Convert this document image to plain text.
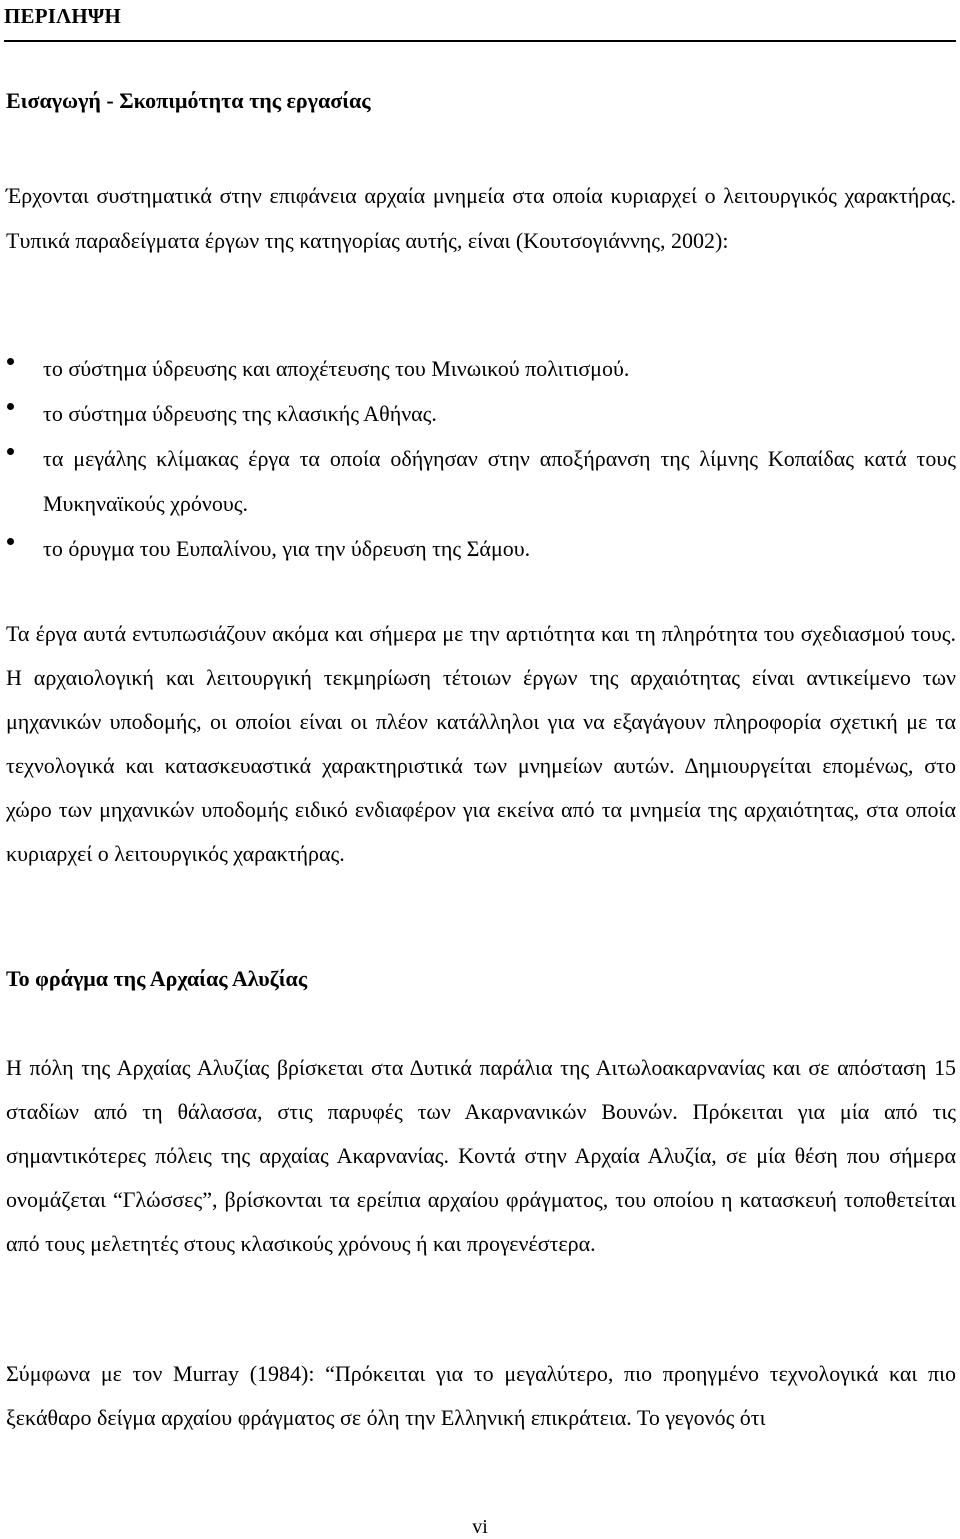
ΠΕΡΙΛΗΨΗ
Εισαγωγή - Σκοπιμότητα της εργασίας

Έρχονται συστηματικά στην επιφάνεια αρχαία μνημεία στα οποία κυριαρχεί ο λειτουργικός χαρακτήρας. Τυπικά παραδείγματα έργων της κατηγορίας αυτής, είναι (Κουτσογιάννης, 2002):

το σύστημα ύδρευσης και αποχέτευσης του Μινωικού πολιτισμού.
το σύστημα ύδρευσης της κλασικής Αθήνας.
τα μεγάλης κλίμακας έργα τα οποία οδήγησαν στην αποξήρανση της λίμνης Κοπαίδας κατά τους Μυκηναϊκούς χρόνους.
το όρυγμα του Ευπαλίνου, για την ύδρευση της Σάμου.

Τα έργα αυτά εντυπωσιάζουν ακόμα και σήμερα με την αρτιότητα και τη πληρότητα του σχεδιασμού τους. Η αρχαιολογική και λειτουργική τεκμηρίωση τέτοιων έργων της αρχαιότητας είναι αντικείμενο των μηχανικών υποδομής, οι οποίοι είναι οι πλέον κατάλληλοι για να εξαγάγουν πληροφορία σχετική με τα τεχνολογικά και κατασκευαστικά χαρακτηριστικά των μνημείων αυτών. Δημιουργείται επομένως, στο χώρο των μηχανικών υποδομής ειδικό ενδιαφέρον για εκείνα από τα μνημεία της αρχαιότητας, στα οποία κυριαρχεί ο λειτουργικός χαρακτήρας.

Το φράγμα της Αρχαίας Αλυζίας

Η πόλη της Αρχαίας Αλυζίας βρίσκεται στα Δυτικά παράλια της Αιτωλοακαρνανίας και σε απόσταση 15 σταδίων από τη θάλασσα, στις παρυφές των Ακαρνανικών Βουνών. Πρόκειται για μία από τις σημαντικότερες πόλεις της αρχαίας Ακαρνανίας. Κοντά στην Αρχαία Αλυζία, σε μία θέση που σήμερα ονομάζεται “Γλώσσες”, βρίσκονται τα ερείπια αρχαίου φράγματος, του οποίου η κατασκευή τοποθετείται από τους μελετητές στους κλασικούς χρόνους ή και προγενέστερα.

Σύμφωνα με τον Murray (1984): “Πρόκειται για το μεγαλύτερο, πιο προηγμένο τεχνολογικά και πιο ξεκάθαρο δείγμα αρχαίου φράγματος σε όλη την Ελληνική επικράτεια. Το γεγονός ότι

vi
